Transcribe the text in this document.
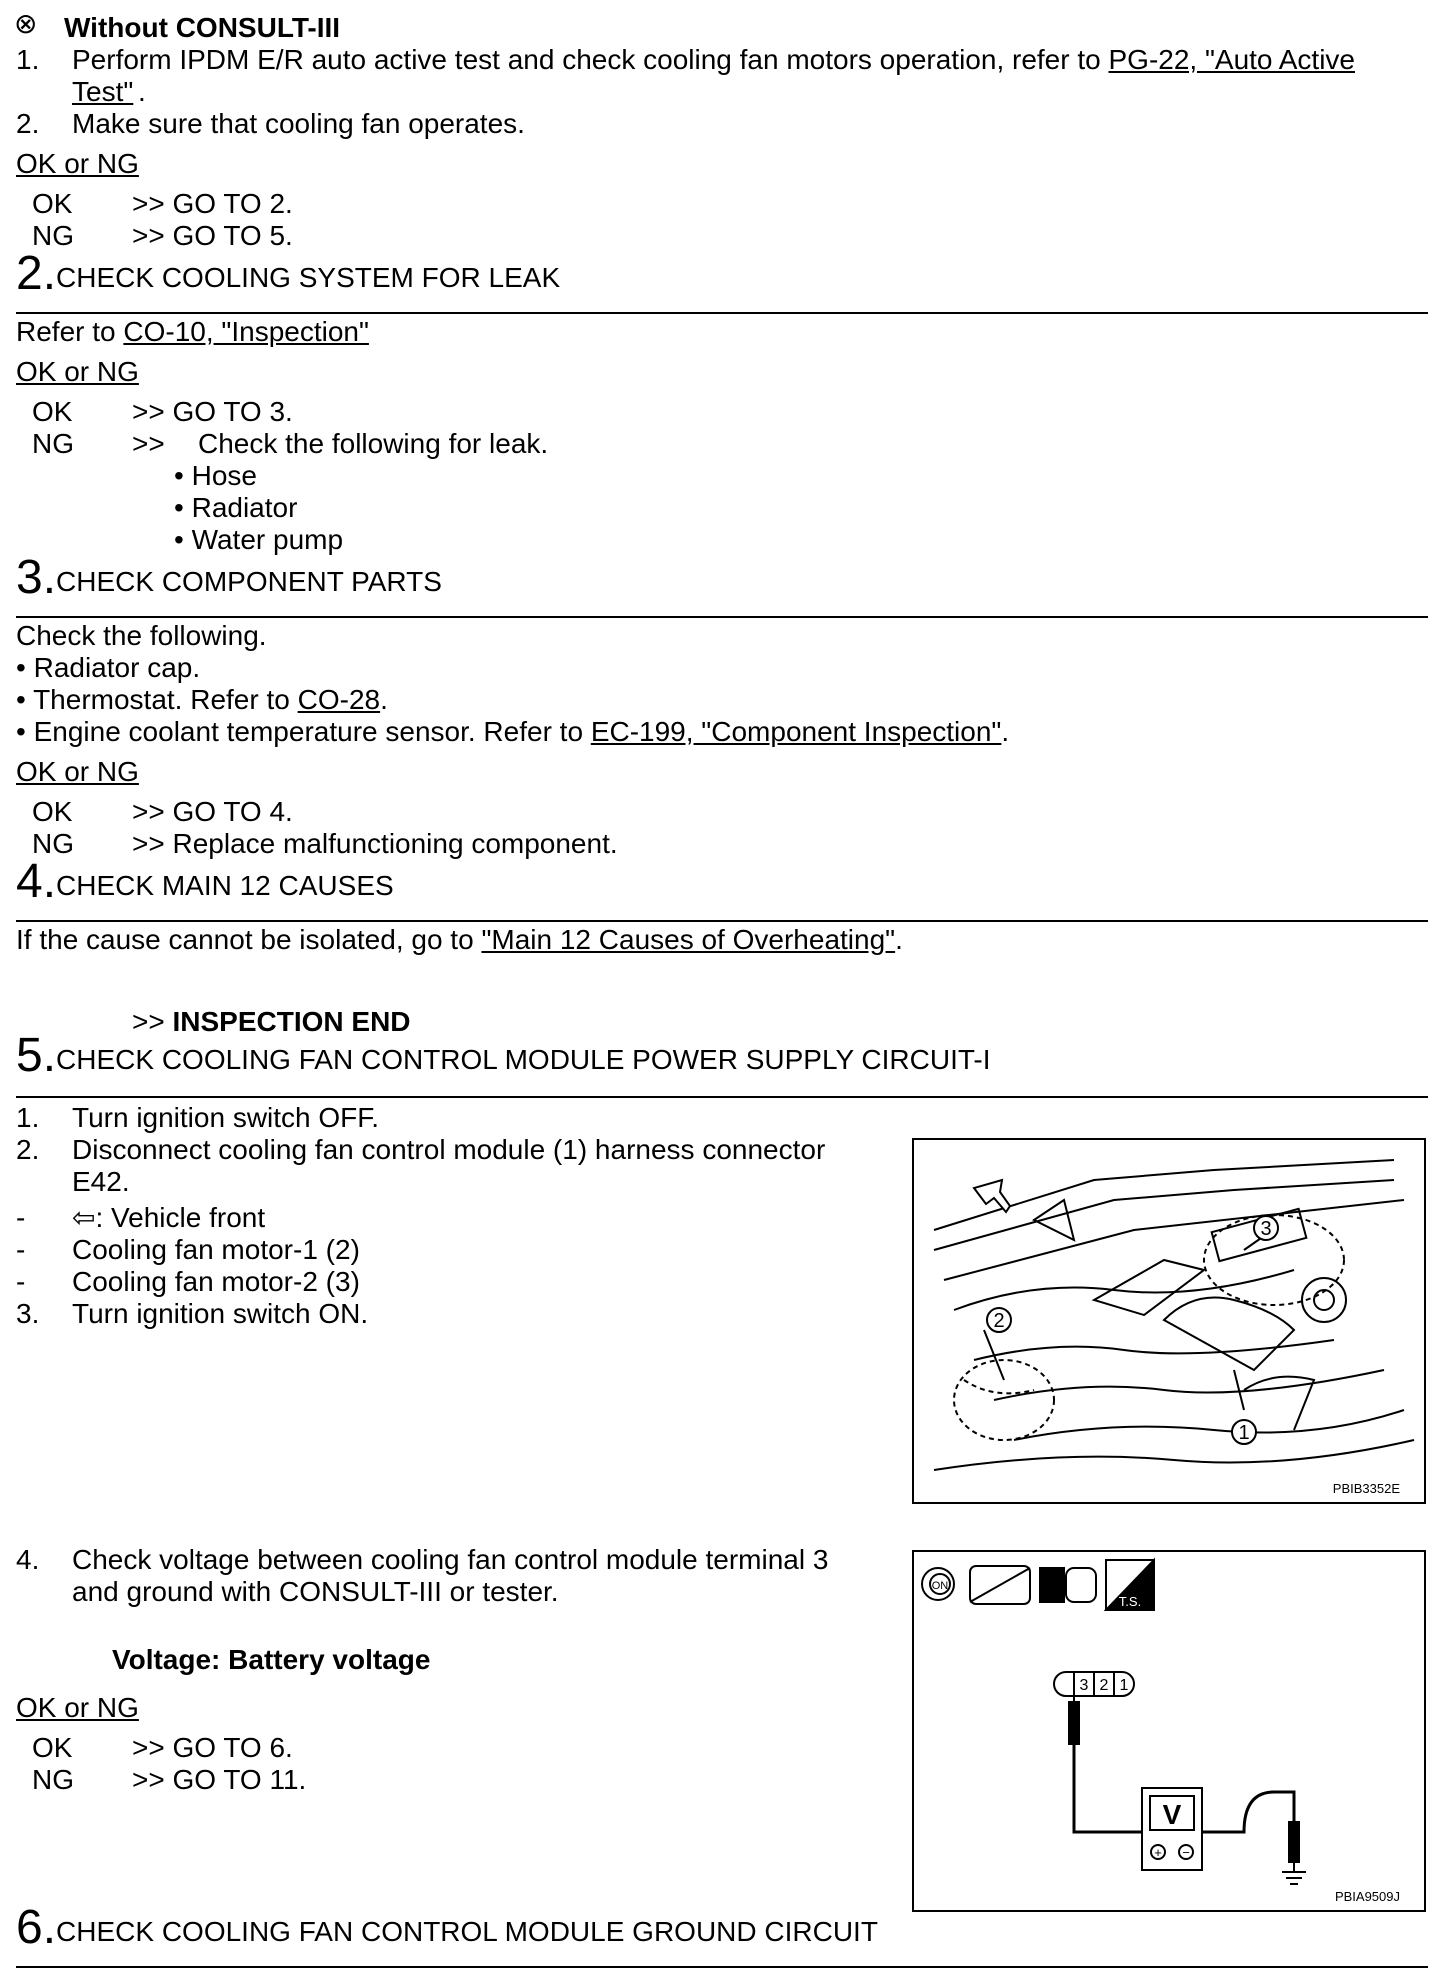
⊗ Without CONSULT-III
1. Perform IPDM E/R auto active test and check cooling fan motors operation, refer to PG-22, "Auto Active
Test" .
2. Make sure that cooling fan operates.
OK or NG
OK >> GO TO 2.
NG >> GO TO 5.
2.CHECK COOLING SYSTEM FOR LEAK
Refer to CO-10, "Inspection"
OK or NG
OK >> GO TO 3.
NG >> Check the following for leak.
• Hose
• Radiator
• Water pump
3.CHECK COMPONENT PARTS
Check the following.
• Radiator cap.
• Thermostat. Refer to CO-28.
• Engine coolant temperature sensor. Refer to EC-199, "Component Inspection".
OK or NG
OK >> GO TO 4.
NG >> Replace malfunctioning component.
4.CHECK MAIN 12 CAUSES
If the cause cannot be isolated, go to "Main 12 Causes of Overheating".
>> INSPECTION END
5.CHECK COOLING FAN CONTROL MODULE POWER SUPPLY CIRCUIT-I
1. Turn ignition switch OFF.
2. Disconnect cooling fan control module (1) harness connector
E42.
- ⇦: Vehicle front
- Cooling fan motor-1 (2)
- Cooling fan motor-2 (3)
3. Turn ignition switch ON.	2
3
1
PBIB3352E
4. Check voltage between cooling fan control module terminal 3
and ground with CONSULT-III or tester.
Voltage: Battery voltage
OK or NG
OK >> GO TO 6.
NG >> GO TO 11.
ON
T.S.
3 2 1
V
+ −
PBIA9509J
6.CHECK COOLING FAN CONTROL MODULE GROUND CIRCUIT
